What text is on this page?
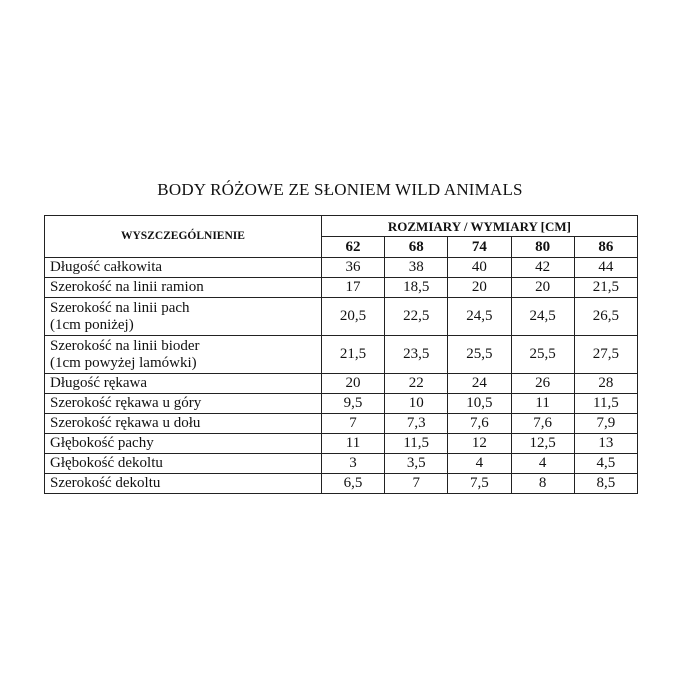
BODY RÓŻOWE ZE SŁONIEM WILD ANIMALS
WYSZCZEGÓLNIENIE	ROZMIARY / WYMIARY [CM]				
	62	68	74	80	86

Długość całkowita	36	38	40	42	44

Szerokość na linii ramion	17	18,5	20	20	21,5

Szerokość na linii pach
(1cm poniżej)	20,5	22,5	24,5	24,5	26,5

Szerokość na linii bioder
(1cm powyżej lamówki)	21,5	23,5	25,5	25,5	27,5

Długość rękawa	20	22	24	26	28

Szerokość rękawa u góry	9,5	10	10,5	11	11,5

Szerokość rękawa u dołu	7	7,3	7,6	7,6	7,9

Głębokość pachy	11	11,5	12	12,5	13

Głębokość dekoltu	3	3,5	4	4	4,5

Szerokość dekoltu	6,5	7	7,5	8	8,5
